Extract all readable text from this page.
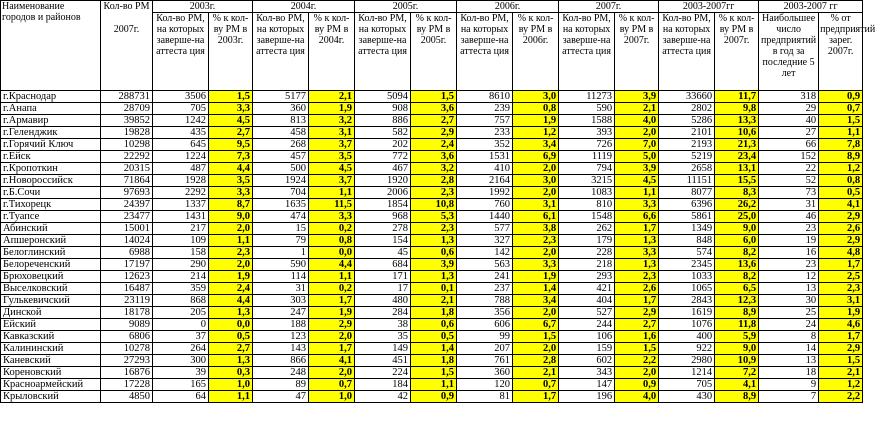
Наименование городов и районов	Кол-во РМ
2007г.	2003г.		2004г.		2005г.		2006г.		2007г.		2003-2007гг		2003-2007 гг	
		Кол-во РМ, на которых заверше-на аттеста ция	% к кол-ву РМ в 2003г.	Кол-во РМ, на которых заверше-на аттеста ция	% к кол-ву РМ в 2004г.	Кол-во РМ, на которых заверше-на аттеста ция	% к кол-ву РМ в 2005г.	Кол-во РМ, на которых заверше-на аттеста ция	% к кол-ву РМ в 2006г.	Кол-во РМ, на которых заверше-на аттеста ция	% к кол-ву РМ в 2007г.	Кол-во РМ, на которых заверше-на аттеста ция	% к кол-ву РМ в 2007г.	Наибольшее число предприятий в год за последние 5 лет	% от предприятий зарег. 2007г.
г.Краснодар	288731	3506	1,5	5177	2,1	5094	1,5	8610	3,0	11273	3,9	33660	11,7	318	0,9
г.Анапа	28709	705	3,3	360	1,9	908	3,6	239	0,8	590	2,1	2802	9,8	29	0,7
г.Армавир	39852	1242	4,5	813	3,2	886	2,7	757	1,9	1588	4,0	5286	13,3	40	1,5
г.Геленджик	19828	435	2,7	458	3,1	582	2,9	233	1,2	393	2,0	2101	10,6	27	1,1
г.Горячий Ключ	10298	645	9,5	268	3,7	202	2,4	352	3,4	726	7,0	2193	21,3	66	7,8
г.Ейск	22292	1224	7,3	457	3,5	772	3,6	1531	6,9	1119	5,0	5219	23,4	152	8,9
г.Кропоткин	20315	487	4,4	500	4,5	467	3,2	410	2,0	794	3,9	2658	13,1	22	1,2
г.Новороссийск	71864	1928	3,5	1924	3,7	1920	2,8	2164	3,0	3215	4,5	11151	15,5	52	0,8
г.Б.Сочи	97693	2292	3,3	704	1,1	2006	2,3	1992	2,0	1083	1,1	8077	8,3	73	0,5
г.Тихорецк	24397	1337	8,7	1635	11,5	1854	10,8	760	3,1	810	3,3	6396	26,2	31	4,1
г.Туапсе	23477	1431	9,0	474	3,3	968	5,3	1440	6,1	1548	6,6	5861	25,0	46	2,9
Абинский	15001	217	2,0	15	0,2	278	2,3	577	3,8	262	1,7	1349	9,0	23	2,6
Апшеронский	14024	109	1,1	79	0,8	154	1,3	327	2,3	179	1,3	848	6,0	19	2,9
Белоглинский	6988	158	2,3	1	0,0	45	0,6	142	2,0	228	3,3	574	8,2	16	4,8
Белореченский	17197	290	2,0	590	4,4	684	3,9	563	3,3	218	1,3	2345	13,6	23	1,7
Брюховецкий	12623	214	1,9	114	1,1	171	1,3	241	1,9	293	2,3	1033	8,2	12	2,5
Выселковский	16487	359	2,4	31	0,2	17	0,1	237	1,4	421	2,6	1065	6,5	13	2,3
Гулькевичский	23119	868	4,4	303	1,7	480	2,1	788	3,4	404	1,7	2843	12,3	30	3,1
Динской	18178	205	1,3	247	1,9	284	1,8	356	2,0	527	2,9	1619	8,9	25	1,9
Ейский	9089	0	0,0	188	2,9	38	0,6	606	6,7	244	2,7	1076	11,8	24	4,6
Кавказский	6806	37	0,5	123	2,0	35	0,5	99	1,5	106	1,6	400	5,9	8	1,7
Калининский	10278	264	2,7	143	1,7	149	1,4	207	2,0	159	1,5	922	9,0	14	2,9
Каневский	27293	300	1,3	866	4,1	451	1,8	761	2,8	602	2,2	2980	10,9	13	1,5
Кореновский	16876	39	0,3	248	2,0	224	1,5	360	2,1	343	2,0	1214	7,2	18	2,1
Красноармейский	17228	165	1,0	89	0,7	184	1,1	120	0,7	147	0,9	705	4,1	9	1,2
Крыловский	4850	64	1,1	47	1,0	42	0,9	81	1,7	196	4,0	430	8,9	7	2,2
